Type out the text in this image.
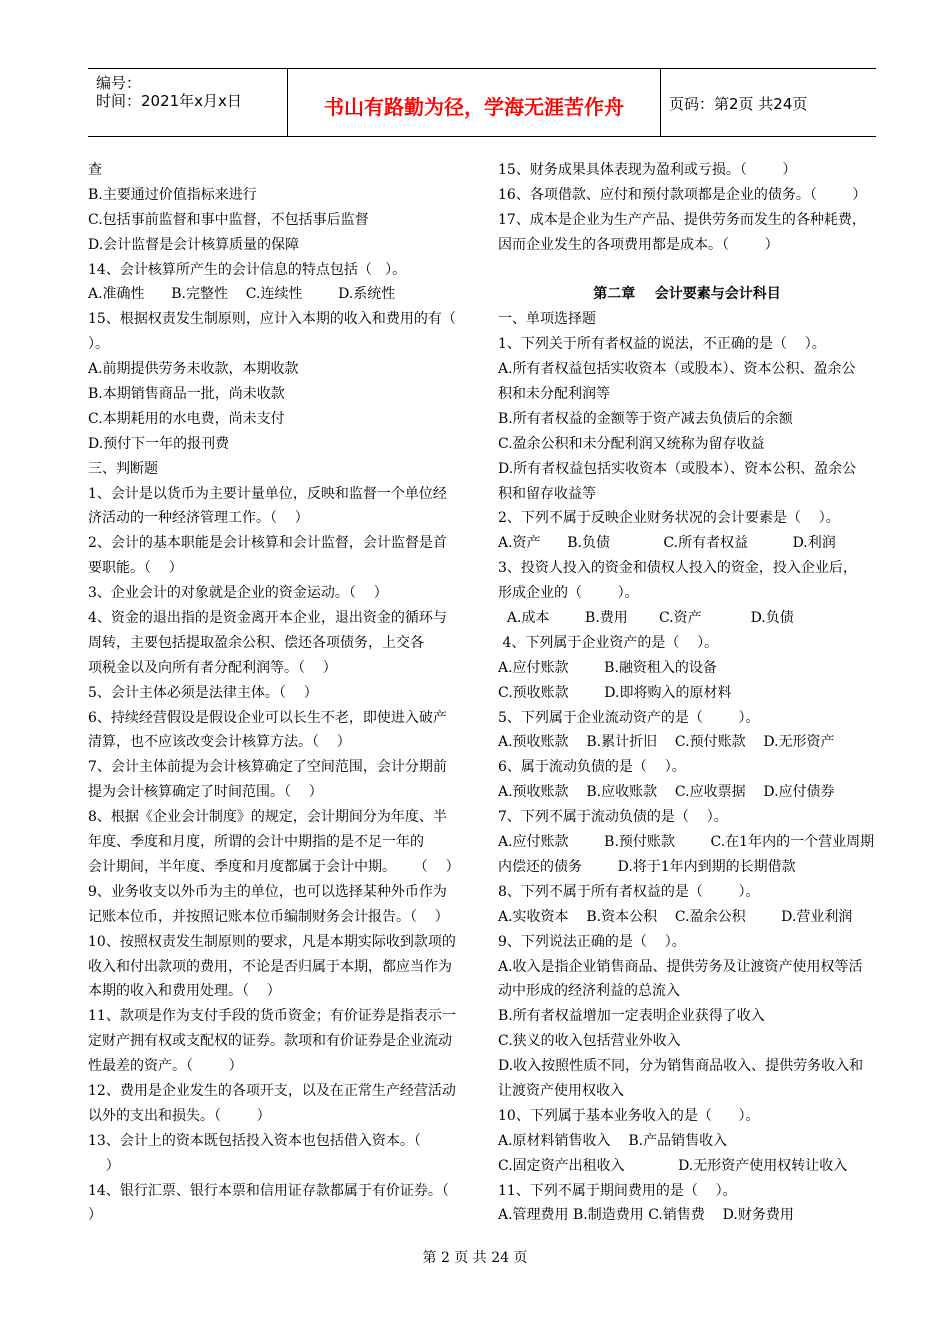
编号：
时间：2021年x月x日	书山有路勤为径，学海无涯苦作舟	页码：第2页 共24页
查
B.主要通过价值指标来进行
C.包括事前监督和事中监督，不包括事后监督
D.会计监督是会计核算质量的保障
14、会计核算所产生的会计信息的特点包括（   ）。
A.准确性      B.完整性    C.连续性        D.系统性
15、根据权责发生制原则，应计入本期的收入和费用的有（
）。
A.前期提供劳务未收款，本期收款
B.本期销售商品一批，尚未收款
C.本期耗用的水电费，尚未支付
D.预付下一年的报刊费
三、判断题
1、会计是以货币为主要计量单位，反映和监督一个单位经
济活动的一种经济管理工作。（    ）
2、会计的基本职能是会计核算和会计监督，会计监督是首
要职能。（    ）
3、企业会计的对象就是企业的资金运动。（    ）
4、资金的退出指的是资金离开本企业，退出资金的循环与
周转，主要包括提取盈余公积、偿还各项债务，上交各
项税金以及向所有者分配利润等。（    ）
5、会计主体必须是法律主体。（    ）
6、持续经营假设是假设企业可以长生不老，即使进入破产
清算，也不应该改变会计核算方法。（    ）
7、会计主体前提为会计核算确定了空间范围，会计分期前
提为会计核算确定了时间范围。（    ）
8、根据《企业会计制度》的规定，会计期间分为年度、半
年度、季度和月度，所谓的会计中期指的是不足一年的
会计期间，半年度、季度和月度都属于会计中期。    （    ）
9、业务收支以外币为主的单位，也可以选择某种外币作为
记账本位币，并按照记账本位币编制财务会计报告。（    ）
10、按照权责发生制原则的要求，凡是本期实际收到款项的
收入和付出款项的费用，不论是否归属于本期，都应当作为
本期的收入和费用处理。（    ）
11、款项是作为支付手段的货币资金；有价证券是指表示一
定财产拥有权或支配权的证券。款项和有价证券是企业流动
性最差的资产。（        ）
12、费用是企业发生的各项开支，以及在正常生产经营活动
以外的支出和损失。（        ）
13、会计上的资本既包括投入资本也包括借入资本。（
）
14、银行汇票、银行本票和信用证存款都属于有价证券。（
）
15、财务成果具体表现为盈利或亏损。（        ）
16、各项借款、应付和预付款项都是企业的债务。（        ）
17、成本是企业为生产产品、提供劳务而发生的各种耗费，
因而企业发生的各项费用都是成本。（        ）
第二章    会计要素与会计科目
一、单项选择题
1、下列关于所有者权益的说法，不正确的是（    ）。
A.所有者权益包括实收资本（或股本）、资本公积、盈余公
积和未分配利润等
B.所有者权益的金额等于资产减去负债后的余额
C.盈余公积和未分配利润又统称为留存收益
D.所有者权益包括实收资本（或股本）、资本公积、盈余公
积和留存收益等
2、下列不属于反映企业财务状况的会计要素是（    ）。
A.资产      B.负债            C.所有者权益          D.利润
3、投资人投入的资金和债权人投入的资金，投入企业后，
形成企业的（        ）。
A.成本        B.费用       C.资产           D.负债
4、下列属于企业资产的是（    ）。
A.应付账款        B.融资租入的设备
C.预收账款        D.即将购入的原材料
5、下列属于企业流动资产的是（        ）。
A.预收账款    B.累计折旧    C.预付账款    D.无形资产
6、属于流动负债的是（    ）。
A.预收账款    B.应收账款    C.应收票据    D.应付债券
7、下列不属于流动负债的是（    ）。
A.应付账款        B.预付账款        C.在1年内的一个营业周期
内偿还的债务        D.将于1年内到期的长期借款
8、下列不属于所有者权益的是（        ）。
A.实收资本    B.资本公积    C.盈余公积        D.营业利润
9、下列说法正确的是（    ）。
A.收入是指企业销售商品、提供劳务及让渡资产使用权等活
动中形成的经济利益的总流入
B.所有者权益增加一定表明企业获得了收入
C.狭义的收入包括营业外收入
D.收入按照性质不同，分为销售商品收入、提供劳务收入和
让渡资产使用权收入
10、下列属于基本业务收入的是（      ）。
A.原材料销售收入    B.产品销售收入
C.固定资产出租收入            D.无形资产使用权转让收入
11、下列不属于期间费用的是（    ）。
A.管理费用 B.制造费用 C.销售费    D.财务费用
第 2 页 共 24 页
